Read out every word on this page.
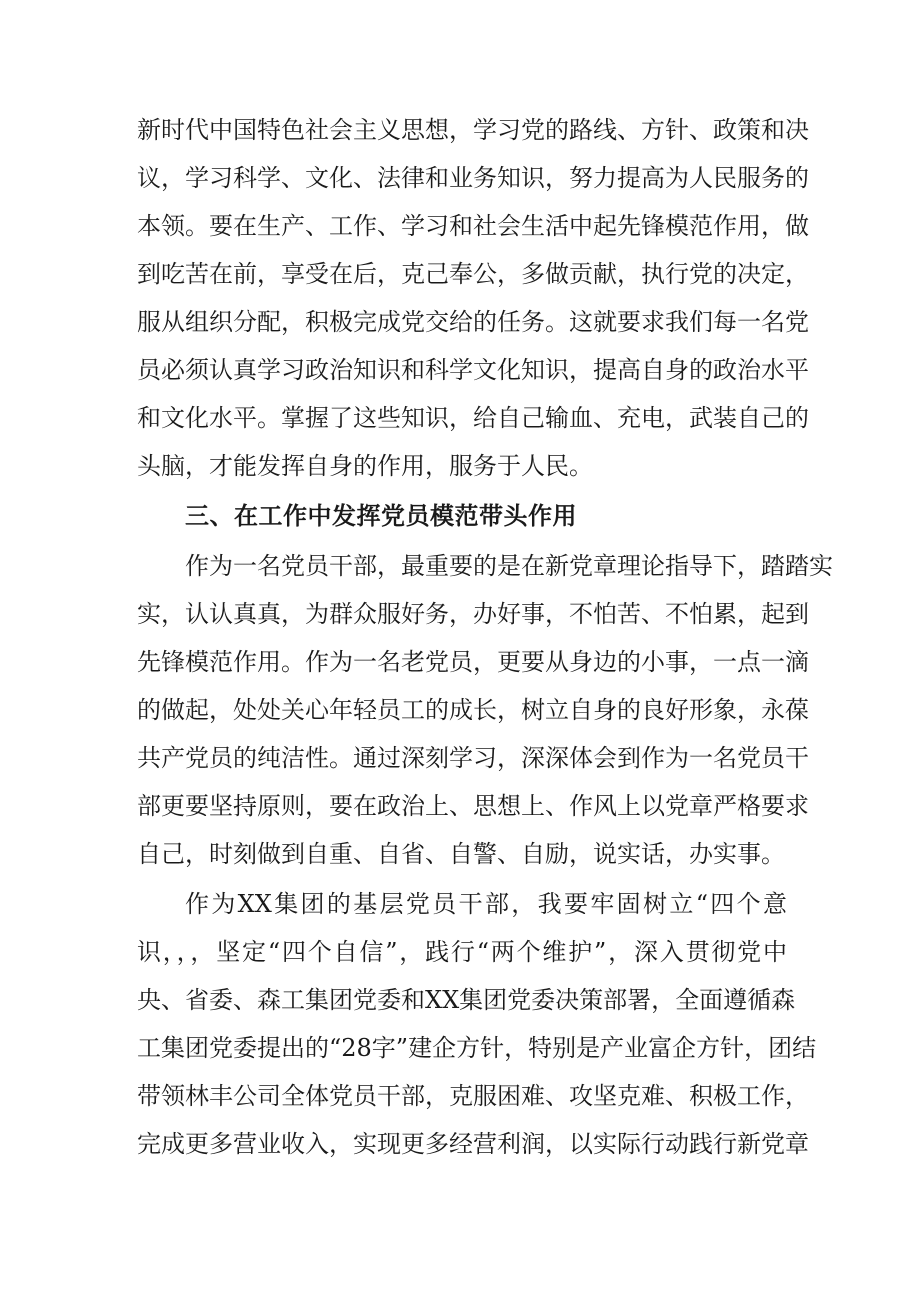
新时代中国特色社会主义思想，学习党的路线、方针、政策和决
议，学习科学、文化、法律和业务知识，努力提高为人民服务的
本领。要在生产、工作、学习和社会生活中起先锋模范作用，做
到吃苦在前，享受在后，克己奉公，多做贡献，执行党的决定，
服从组织分配，积极完成党交给的任务。这就要求我们每一名党
员必须认真学习政治知识和科学文化知识，提高自身的政治水平
和文化水平。掌握了这些知识，给自己输血、充电，武装自己的
头脑，才能发挥自身的作用，服务于人民。
三、在工作中发挥党员模范带头作用
作为一名党员干部，最重要的是在新党章理论指导下，踏踏实
实，认认真真，为群众服好务，办好事，不怕苦、不怕累，起到
先锋模范作用。作为一名老党员，更要从身边的小事，一点一滴
的做起，处处关心年轻员工的成长，树立自身的良好形象，永葆
共产党员的纯洁性。通过深刻学习，深深体会到作为一名党员干
部更要坚持原则，要在政治上、思想上、作风上以党章严格要求
自己，时刻做到自重、自省、自警、自励，说实话，办实事。
作为XX集团的基层党员干部，我要牢固树立“四个意
识，，，坚定“四个自信”，践行“两个维护”，深入贯彻党中
央、省委、森工集团党委和XX集团党委决策部署，全面遵循森
工集团党委提出的“28字”建企方针，特别是产业富企方针，团结
带领林丰公司全体党员干部，克服困难、攻坚克难、积极工作，
完成更多营业收入，实现更多经营利润，以实际行动践行新党章
